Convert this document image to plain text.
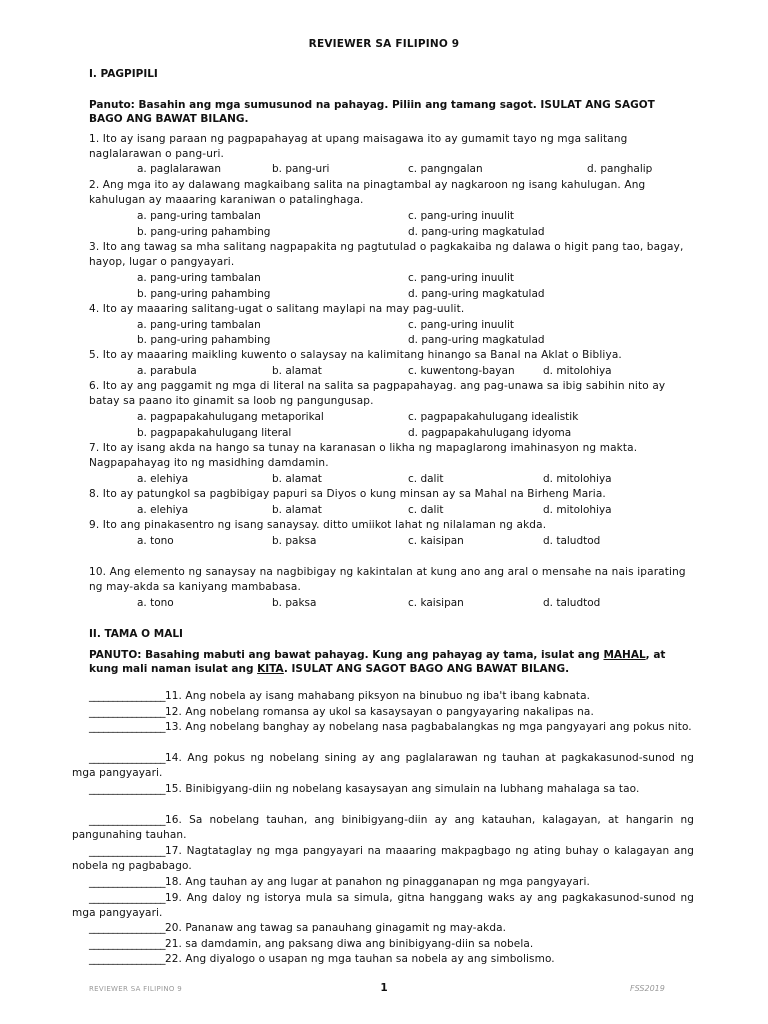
REVIEWER SA FILIPINO 9
I. PAGPIPILI
Panuto: Basahin ang mga sumusunod na pahayag. Piliin ang tamang sagot. ISULAT ANG SAGOT BAGO ANG BAWAT BILANG.
1. Ito ay isang paraan ng pagpapahayag at upang maisagawa ito ay gumamit tayo ng mga salitang naglalarawan o pang-uri.
a. paglalarawan	b. pang-uri	c. pangngalan	d. panghalip
2. Ang mga ito ay dalawang magkaibang salita na pinagtambal ay nagkaroon ng isang kahulugan. Ang kahulugan ay maaaring karaniwan o patalinghaga.
a. pang-uring tambalan	c. pang-uring inuulit
b. pang-uring pahambing	d. pang-uring magkatulad
3. Ito ang tawag sa mha salitang nagpapakita ng pagtutulad o pagkakaiba ng dalawa o higit pang tao, bagay, hayop, lugar o pangyayari.
a. pang-uring tambalan	c. pang-uring inuulit
b. pang-uring pahambing	d. pang-uring magkatulad
4. Ito ay maaaring salitang-ugat o salitang maylapi na may pag-uulit.
a. pang-uring tambalan	c. pang-uring inuulit
b. pang-uring pahambing	d. pang-uring magkatulad
5. Ito ay maaaring maikling kuwento o salaysay na kalimitang hinango sa Banal na Aklat o Bibliya.
a. parabula	b. alamat	c. kuwentong-bayan	d. mitolohiya
6. Ito ay ang paggamit ng mga di literal na salita sa pagpapahayag. ang pag-unawa sa ibig sabihin nito ay batay sa paano ito ginamit sa loob ng pangungusap.
a. pagpapakahulugang metaporikal	c. pagpapakahulugang idealistik
b. pagpapakahulugang literal	d. pagpapakahulugang idyoma
7. Ito ay isang akda na hango sa tunay na karanasan o likha ng mapaglarong imahinasyon ng makta. Nagpapahayag ito ng masidhing damdamin.
a. elehiya	b. alamat	c. dalit	d. mitolohiya
8. Ito ay patungkol sa pagbibigay papuri sa Diyos o kung minsan ay sa Mahal na Birheng Maria.
a. elehiya	b. alamat	c. dalit	d. mitolohiya
9. Ito ang pinakasentro ng isang sanaysay. ditto umiikot lahat ng nilalaman ng akda.
a. tono	b. paksa	c. kaisipan	d. taludtod
10. Ang elemento ng sanaysay na nagbibigay ng kakintalan at kung ano ang aral o mensahe na nais iparating ng may-akda sa kaniyang mambabasa.
a. tono	b. paksa	c. kaisipan	d. taludtod
II. TAMA O MALI
PANUTO: Basahing mabuti ang bawat pahayag. Kung ang pahayag ay tama, isulat ang MAHAL, at kung mali naman isulat ang KITA. ISULAT ANG SAGOT BAGO ANG BAWAT BILANG.
________________11. Ang nobela ay isang mahabang piksyon na binubuo ng iba't ibang kabnata.
________________12. Ang nobelang romansa ay ukol sa kasaysayan o pangyayaring nakalipas na.
________________13. Ang nobelang banghay ay nobelang nasa pagbabalangkas ng mga pangyayari ang pokus nito.
________________14. Ang pokus ng nobelang sining ay ang paglalarawan ng tauhan at pagkakasunod-sunod ng mga pangyayari.
________________15. Binibigyang-diin ng nobelang kasaysayan ang simulain na lubhang mahalaga sa tao.
________________16. Sa nobelang tauhan, ang binibigyang-diin ay ang katauhan, kalagayan, at hangarin ng pangunahing tauhan.
________________17. Nagtataglay ng mga pangyayari na maaaring makpagbago ng ating buhay o kalagayan ang nobela ng pagbabago.
________________18. Ang tauhan ay ang lugar at panahon ng pinagganapan ng mga pangyayari.
________________19. Ang daloy ng istorya mula sa simula, gitna hanggang waks ay ang pagkakasunod-sunod ng mga pangyayari.
________________20. Pananaw ang tawag sa panauhang ginagamit ng may-akda.
________________21. sa damdamin, ang paksang diwa ang binibigyang-diin sa nobela.
________________22. Ang diyalogo o usapan ng mga tauhan sa nobela ay ang simbolismo.
REVIEWER SA FILIPINO 9	1	FSS2019
